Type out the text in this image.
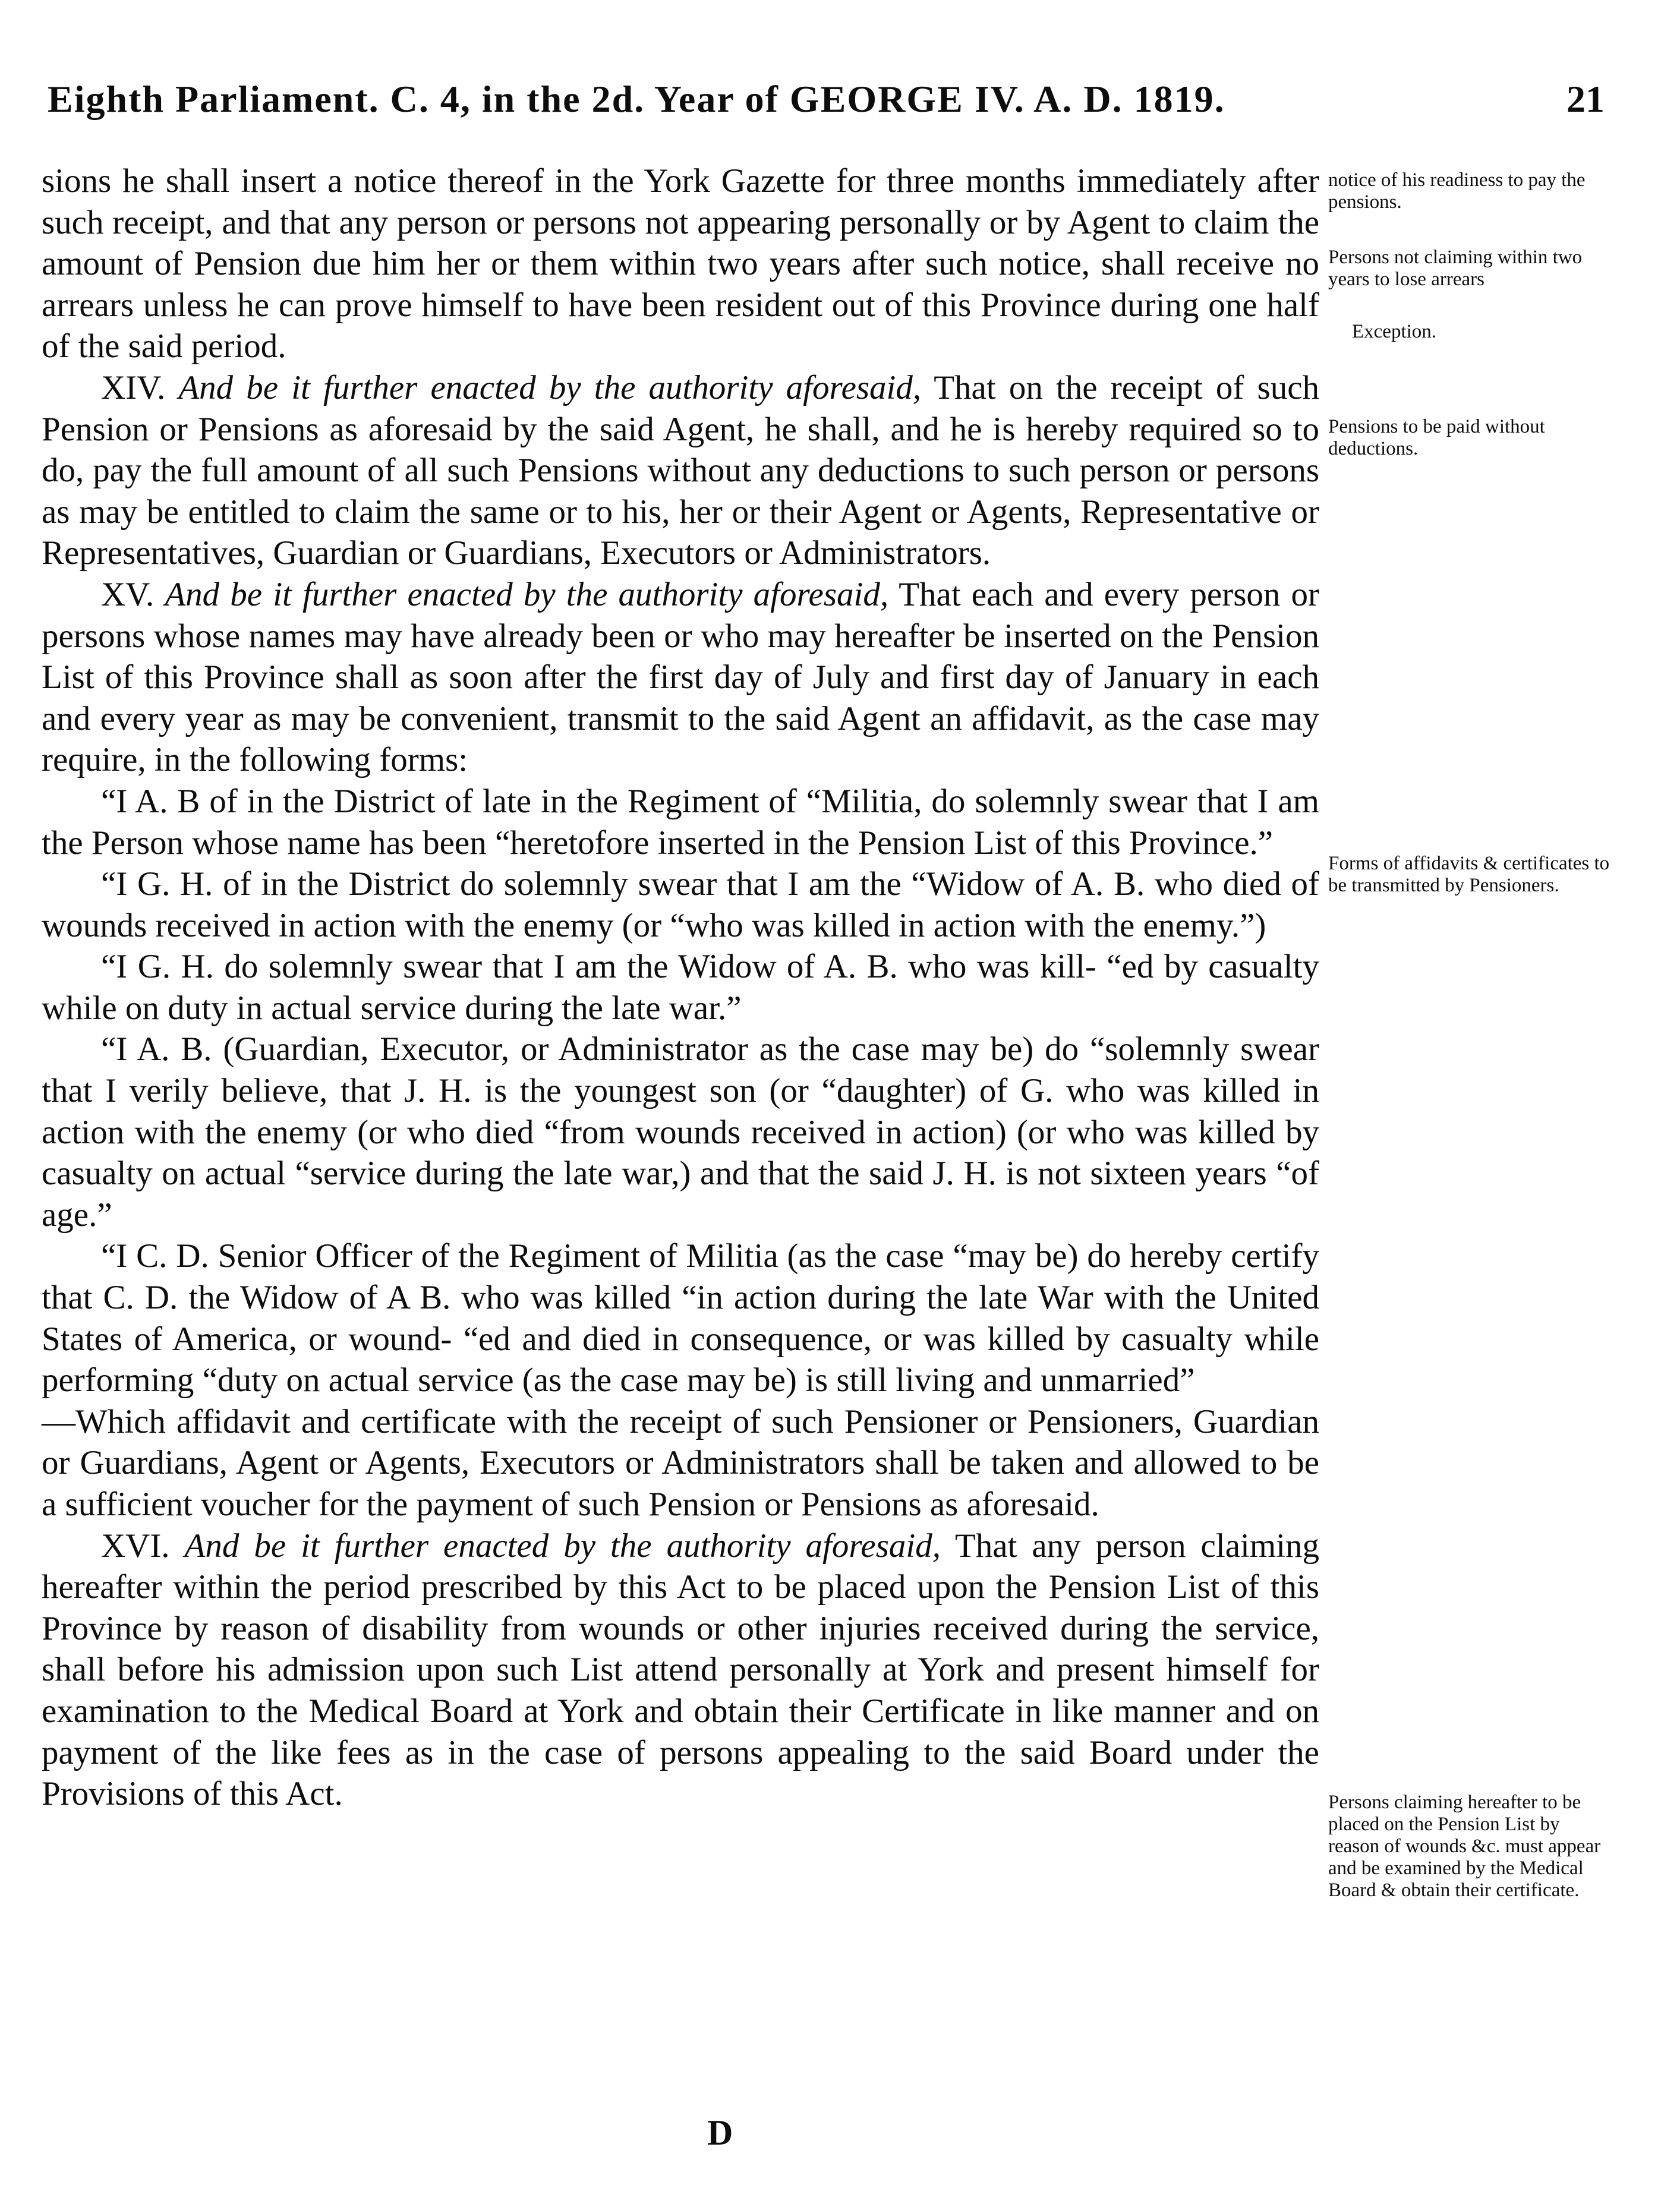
Eighth Parliament. C. 4, in the 2d. Year of GEORGE IV. A. D. 1819.	21

sions he shall insert a notice thereof in the York Gazette for three months immediately after such receipt, and that any person or persons not appearing personally or by Agent to claim the amount of Pension due him her or them within two years after such notice, shall receive no arrears unless he can prove himself to have been resident out of this Province during one half of the said period.

XIV. And be it further enacted by the authority aforesaid, That on the receipt of such Pension or Pensions as aforesaid by the said Agent, he shall, and he is hereby required so to do, pay the full amount of all such Pensions without any deductions to such person or persons as may be entitled to claim the same or to his, her or their Agent or Agents, Representative or Representatives, Guardian or Guardians, Executors or Administrators.

XV. And be it further enacted by the authority aforesaid, That each and every person or persons whose names may have already been or who may hereafter be inserted on the Pension List of this Province shall as soon after the first day of July and first day of January in each and every year as may be convenient, transmit to the said Agent an affidavit, as the case may require, in the following forms:

“I A. B of in the District of late in the Regiment of “Militia, do solemnly swear that I am the Person whose name has been “heretofore inserted in the Pension List of this Province.”

“I G. H. of in the District do solemnly swear that I am the “Widow of A. B. who died of wounds received in action with the enemy (or “who was killed in action with the enemy.”)

“I G. H. do solemnly swear that I am the Widow of A. B. who was kill- “ed by casualty while on duty in actual service during the late war.”

“I A. B. (Guardian, Executor, or Administrator as the case may be) do “solemnly swear that I verily believe, that J. H. is the youngest son (or “daughter) of G. who was killed in action with the enemy (or who died “from wounds received in action) (or who was killed by casualty on actual “service during the late war,) and that the said J. H. is not sixteen years “of age.”

“I C. D. Senior Officer of the Regiment of Militia (as the case “may be) do hereby certify that C. D. the Widow of A B. who was killed “in action during the late War with the United States of America, or wound- “ed and died in consequence, or was killed by casualty while performing “duty on actual service (as the case may be) is still living and unmarried”

—Which affidavit and certificate with the receipt of such Pensioner or Pensioners, Guardian or Guardians, Agent or Agents, Executors or Administrators shall be taken and allowed to be a sufficient voucher for the payment of such Pension or Pensions as aforesaid.

XVI. And be it further enacted by the authority aforesaid, That any person claiming hereafter within the period prescribed by this Act to be placed upon the Pension List of this Province by reason of disability from wounds or other injuries received during the service, shall before his admission upon such List attend personally at York and present himself for examination to the Medical Board at York and obtain their Certificate in like manner and on payment of the like fees as in the case of persons appealing to the said Board under the Provisions of this Act.

notice of his readiness to pay the pensions.
Persons not claiming within two years to lose arrears
Exception.
Pensions to be paid without deductions.
Forms of affidavits & certificates to be transmitted by Pensioners.
Persons claiming hereafter to be placed on the Pension List by reason of wounds &c. must appear and be examined by the Medical Board & obtain their certificate.
D
